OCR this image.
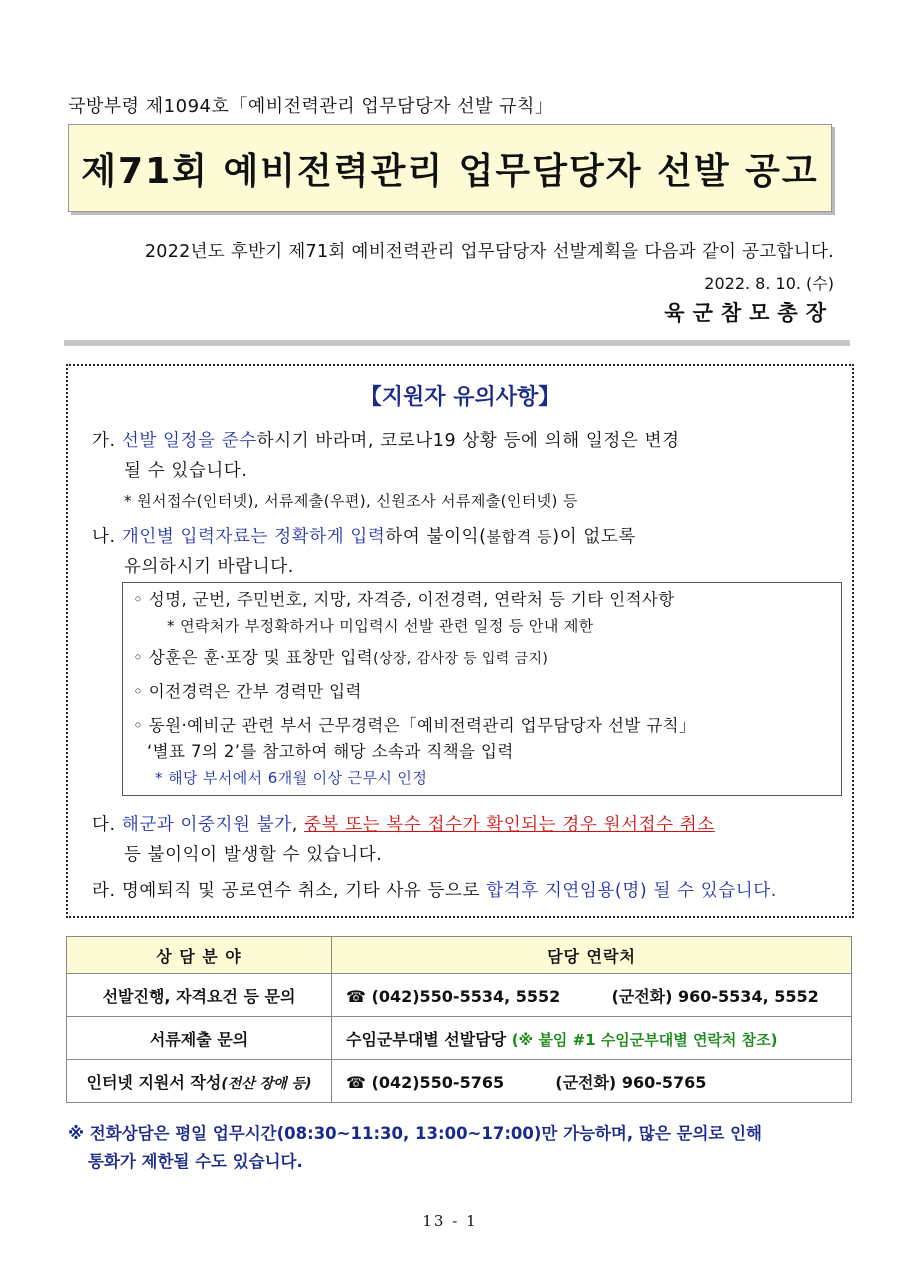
국방부령 제1094호「예비전력관리 업무담당자 선발 규칙」
제71회 예비전력관리 업무담당자 선발 공고
2022년도 후반기 제71회 예비전력관리 업무담당자 선발계획을 다음과 같이 공고합니다.
2022. 8. 10. (수)
육군참모총장
【지원자 유의사항】
가. 선발 일정을 준수하시기 바라며, 코로나19 상황 등에 의해 일정은 변경
될 수 있습니다.
* 원서접수(인터넷), 서류제출(우편), 신원조사 서류제출(인터넷) 등
나. 개인별 입력자료는 정확하게 입력하여 불이익(불합격 등)이 없도록
유의하시기 바랍니다.
◦ 성명, 군번, 주민번호, 지망, 자격증, 이전경력, 연락처 등 기타 인적사항
* 연락처가 부정확하거나 미입력시 선발 관련 일정 등 안내 제한
◦ 상훈은 훈·포장 및 표창만 입력(상장, 감사장 등 입력 금지)
◦ 이전경력은 간부 경력만 입력
◦ 동원·예비군 관련 부서 근무경력은「예비전력관리 업무담당자 선발 규칙」
‘별표 7의 2’를 참고하여 해당 소속과 직책을 입력
* 해당 부서에서 6개월 이상 근무시 인정
다. 해군과 이중지원 불가, 중복 또는 복수 접수가 확인되는 경우 원서접수 취소
등 불이익이 발생할 수 있습니다.
라. 명예퇴직 및 공로연수 취소, 기타 사유 등으로 합격후 지연임용(명) 될 수 있습니다.
상 담 분 야	담당 연락처
선발진행, 자격요건 등 문의	☎ (042)550-5534, 5552 (군전화) 960-5534, 5552
서류제출 문의	수임군부대별 선발담당 (※ 붙임 #1 수임군부대별 연락처 참조)
인터넷 지원서 작성(전산 장애 등)	☎ (042)550-5765 (군전화) 960-5765
※ 전화상담은 평일 업무시간(08:30~11:30, 13:00~17:00)만 가능하며, 많은 문의로 인해
통화가 제한될 수도 있습니다.
13 - 1
